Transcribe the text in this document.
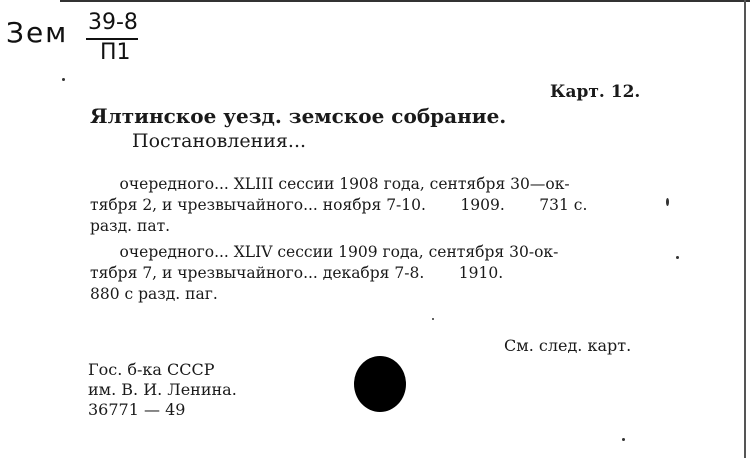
Зем 39-8
П1
Карт. 12.
Ялтинское уезд. земское собрание.
Постановления...
очередного... XLIII сессии 1908 года, сентября 30—ок-
тября 2, и чрезвычайного... ноября 7-10.       1909.       731 с.
разд. пат.
очередного... XLIV сессии 1909 года, сентября 30-ок-
тября 7, и чрезвычайного... декабря 7-8.       1910.
880 с разд. паг.
См. след. карт.
Гос. б-ка СССР
им. В. И. Ленина.
36771 — 49
